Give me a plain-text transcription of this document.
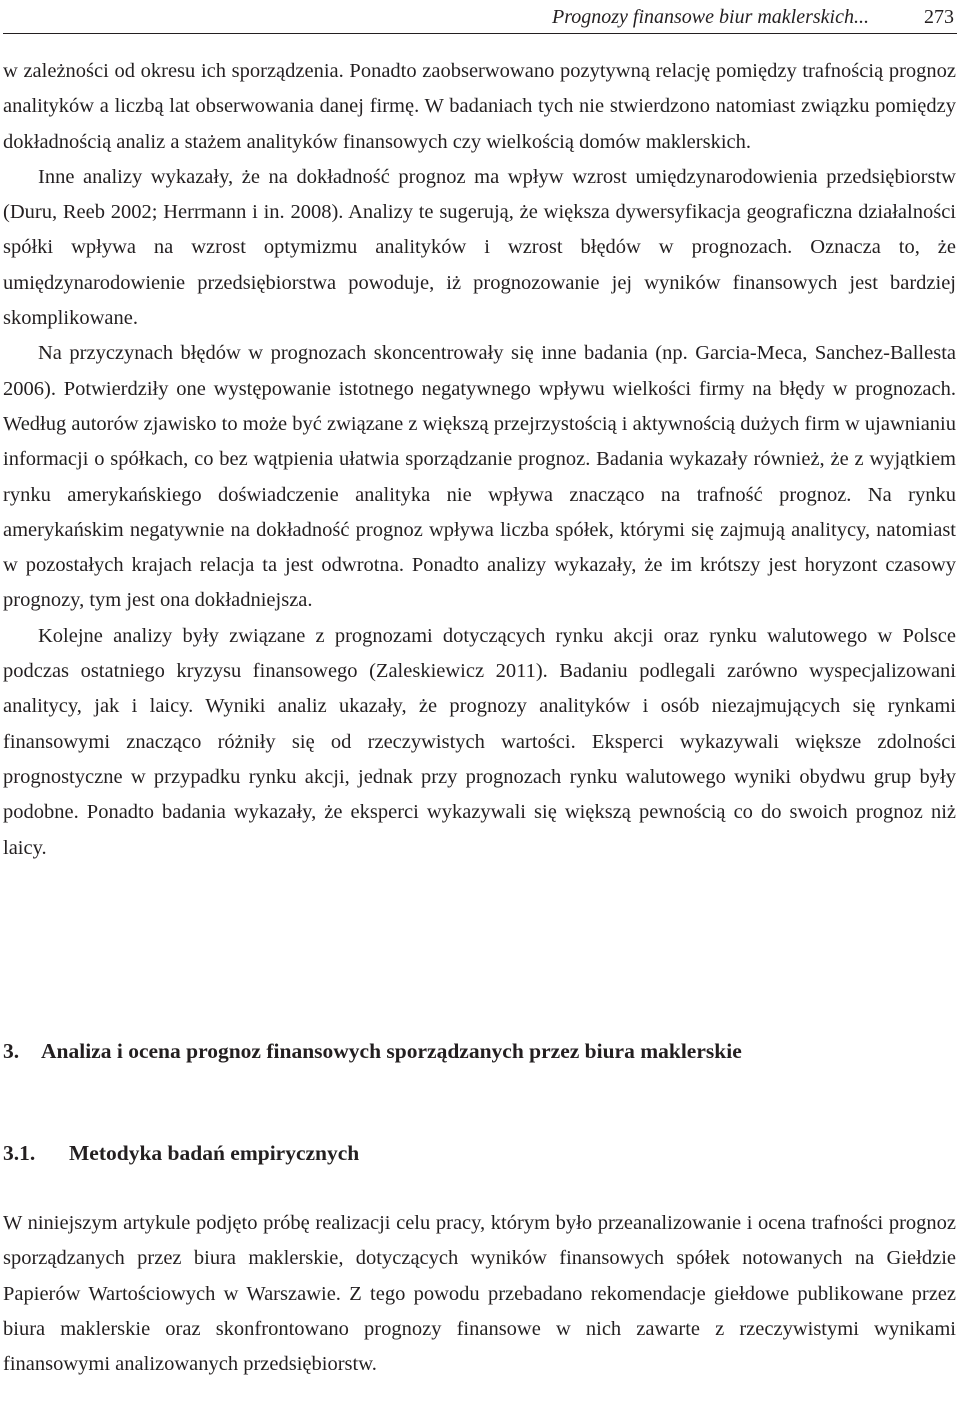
Prognozy finansowe biur maklerskich...	273

w zależności od okresu ich sporządzenia. Ponadto zaobserwowano pozytywną relację pomiędzy trafnością prognoz analityków a liczbą lat obserwowania danej firmę. W badaniach tych nie stwierdzono natomiast związku pomiędzy dokładnością analiz a stażem analityków finansowych czy wielkością domów maklerskich.

Inne analizy wykazały, że na dokładność prognoz ma wpływ wzrost umiędzynarodowienia przedsiębiorstw (Duru, Reeb 2002; Herrmann i in. 2008). Analizy te sugerują, że większa dywersyfikacja geograficzna działalności spółki wpływa na wzrost optymizmu analityków i wzrost błędów w prognozach. Oznacza to, że umiędzynarodowienie przedsiębiorstwa powoduje, iż prognozowanie jej wyników finansowych jest bardziej skomplikowane.

Na przyczynach błędów w prognozach skoncentrowały się inne badania (np. Garcia-Meca, Sanchez-Ballesta 2006). Potwierdziły one występowanie istotnego negatywnego wpływu wielkości firmy na błędy w prognozach. Według autorów zjawisko to może być związane z większą przejrzystością i aktywnością dużych firm w ujawnianiu informacji o spółkach, co bez wątpienia ułatwia sporządzanie prognoz. Badania wykazały również, że z wyjątkiem rynku amerykańskiego doświadczenie analityka nie wpływa znacząco na trafność prognoz. Na rynku amerykańskim negatywnie na dokładność prognoz wpływa liczba spółek, którymi się zajmują analitycy, natomiast w pozostałych krajach relacja ta jest odwrotna. Ponadto analizy wykazały, że im krótszy jest horyzont czasowy prognozy, tym jest ona dokładniejsza.

Kolejne analizy były związane z prognozami dotyczących rynku akcji oraz rynku walutowego w Polsce podczas ostatniego kryzysu finansowego (Zaleskiewicz 2011). Badaniu podlegali zarówno wyspecjalizowani analitycy, jak i laicy. Wyniki analiz ukazały, że prognozy analityków i osób niezajmujących się rynkami finansowymi znacząco różniły się od rzeczywistych wartości. Eksperci wykazywali większe zdolności prognostyczne w przypadku rynku akcji, jednak przy prognozach rynku walutowego wyniki obydwu grup były podobne. Ponadto badania wykazały, że eksperci wykazywali się większą pewnością co do swoich prognoz niż laicy.

3.	Analiza i ocena prognoz finansowych sporządzanych przez biura maklerskie
3.1.	Metodyka badań empirycznych

W niniejszym artykule podjęto próbę realizacji celu pracy, którym było przeanalizowanie i ocena trafności prognoz sporządzanych przez biura maklerskie, dotyczących wyników finansowych spółek notowanych na Giełdzie Papierów Wartościowych w Warszawie. Z tego powodu przebadano rekomendacje giełdowe publikowane przez biura maklerskie oraz skonfrontowano prognozy finansowe w nich zawarte z rzeczywistymi wynikami finansowymi analizowanych przedsiębiorstw.
